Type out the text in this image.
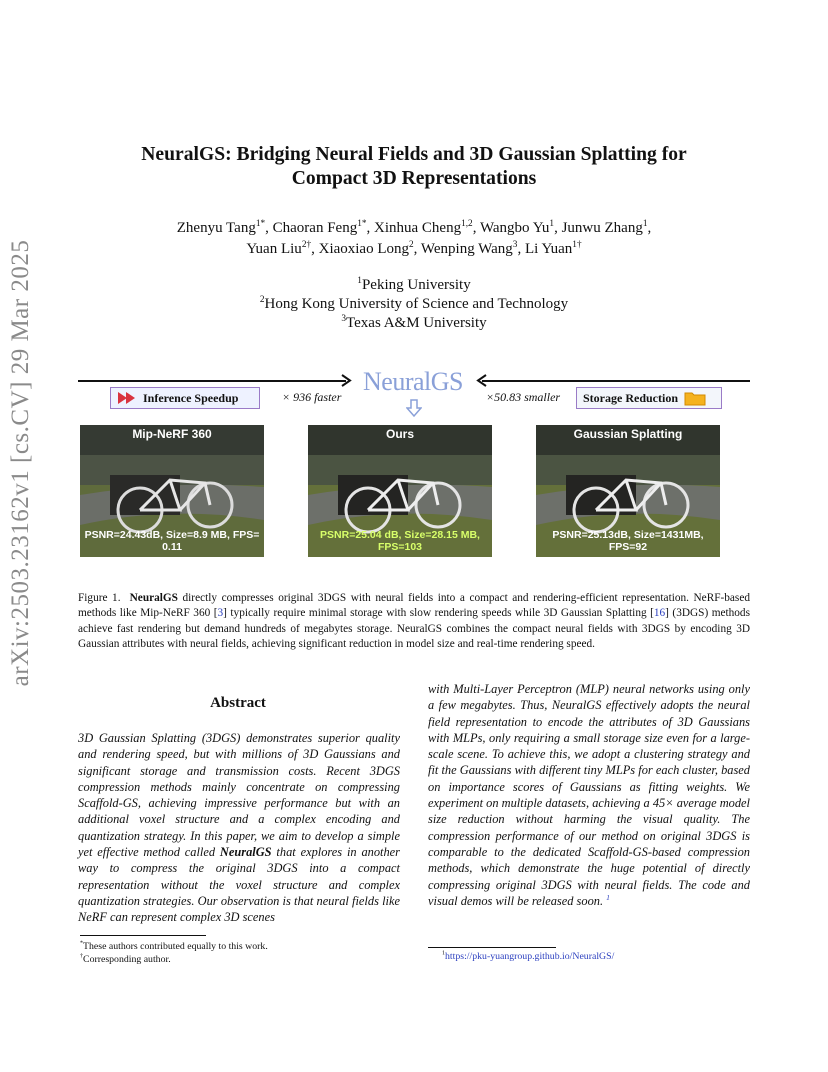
arXiv:2503.23162v1 [cs.CV] 29 Mar 2025
NeuralGS: Bridging Neural Fields and 3D Gaussian Splatting for
Compact 3D Representations
Zhenyu Tang$^{1*}$, Chaoran Feng$^{1*}$, Xinhua Cheng$^{1,2}$, Wangbo Yu$^1$, Junwu Zhang$^1$,
Yuan Liu$^{2\dagger}$, Xiaoxiao Long$^2$, Wenping Wang$^3$, Li Yuan$^{1\dagger}$
$^1$Peking University
$^2$Hong Kong University of Science and Technology
$^3$Texas A&M University
NeuralGS
Inference Speedup	× 936 faster	×50.83 smaller Storage Reduction
Mip-NeRF 360
PSNR=24.43dB, Size=8.9 MB, FPS= 0.11
Ours
PSNR=25.04 dB, Size=28.15 MB, FPS=103
Gaussian Splatting
PSNR=25.13dB, Size=1431MB, FPS=92
Figure 1. NeuralGS directly compresses original 3DGS with neural fields into a compact and rendering-efficient representation. NeRF-based methods like Mip-NeRF 360 [3] typically require minimal storage with slow rendering speeds while 3D Gaussian Splatting [16] (3DGS) methods achieve fast rendering but demand hundreds of megabytes storage. NeuralGS combines the compact neural fields with 3DGS by encoding 3D Gaussian attributes with neural fields, achieving significant reduction in model size and real-time rendering speed.
Abstract
3D Gaussian Splatting (3DGS) demonstrates superior quality and rendering speed, but with millions of 3D Gaussians and significant storage and transmission costs. Recent 3DGS compression methods mainly concentrate on compressing Scaffold-GS, achieving impressive performance but with an additional voxel structure and a complex encoding and quantization strategy. In this paper, we aim to develop a simple yet effective method called NeuralGS that explores in another way to compress the original 3DGS into a compact representation without the voxel structure and complex quantization strategies. Our observation is that neural fields like NeRF can represent complex 3D scenes
with Multi-Layer Perceptron (MLP) neural networks using only a few megabytes. Thus, NeuralGS effectively adopts the neural field representation to encode the attributes of 3D Gaussians with MLPs, only requiring a small storage size even for a large-scale scene. To achieve this, we adopt a clustering strategy and fit the Gaussians with different tiny MLPs for each cluster, based on importance scores of Gaussians as fitting weights. We experiment on multiple datasets, achieving a 45× average model size reduction without harming the visual quality. The compression performance of our method on original 3DGS is comparable to the dedicated Scaffold-GS-based compression methods, which demonstrate the huge potential of directly compressing original 3DGS with neural fields. The code and visual demos will be released soon. $^1$
*These authors contributed equally to this work.
†Corresponding author.
$^1$https://pku-yuangroup.github.io/NeuralGS/
